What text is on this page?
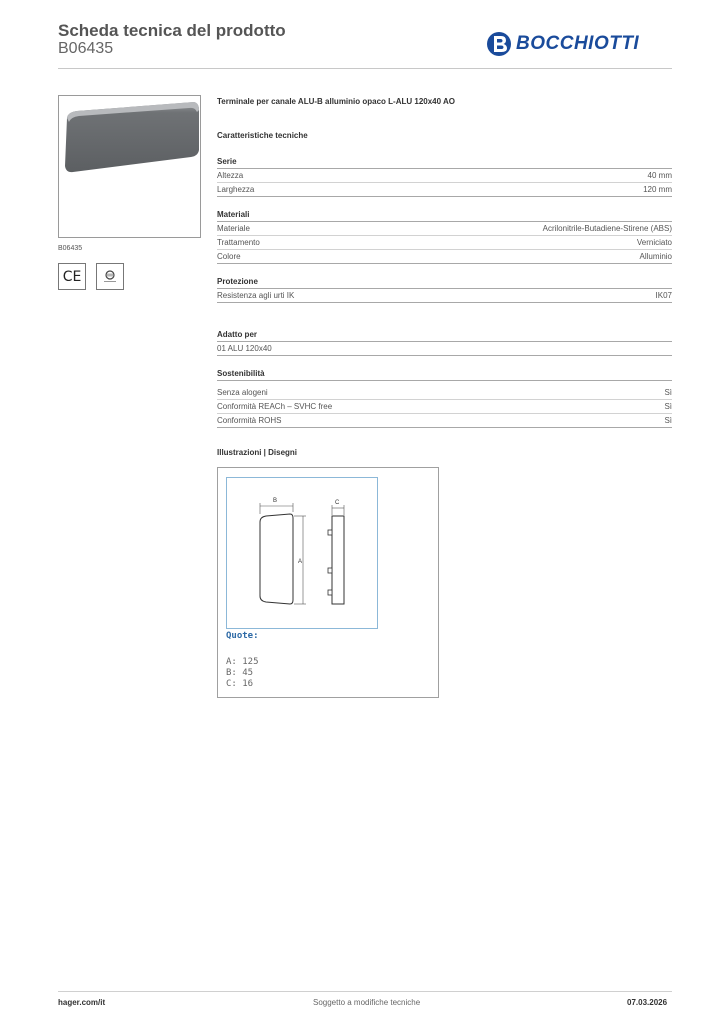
Scheda tecnica del prodotto
B06435	BOCCHIOTTI
B06435
CE
Terminale per canale ALU-B alluminio opaco L-ALU 120x40 AO
Caratteristiche tecniche
Serie
Altezza	40 mm
Larghezza	120 mm
Materiali
Materiale	Acrilonitrile-Butadiene-Stirene (ABS)
Trattamento	Verniciato
Colore	Alluminio
Protezione
Resistenza agli urti IK	IK07
Adatto per
01 ALU 120x40
Sostenibilità
Senza alogeni	Sì
Conformità REACh – SVHC free	Sì
Conformità ROHS	Sì
Illustrazioni | Disegni
B
A
C
Quote:
A: 125
B: 45
C: 16
hager.com/it	Soggetto a modifiche tecniche	07.03.2026
